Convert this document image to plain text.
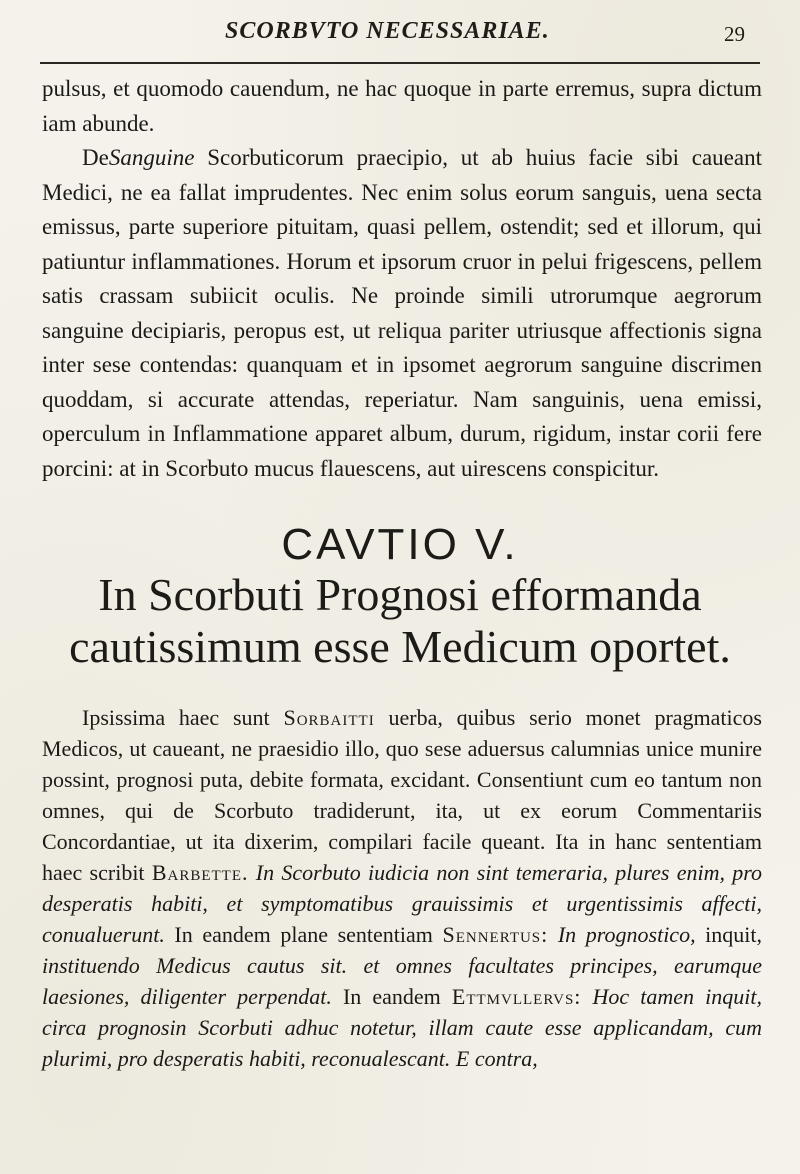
SCORBVTO NECESSARIAE.	29

pulsus, et quomodo cauendum, ne hac quoque in parte erremus, supra dictum iam abunde.

DeSanguine Scorbuticorum praecipio, ut ab huius facie sibi caueant Medici, ne ea fallat imprudentes. Nec enim solus eorum sanguis, uena secta emissus, parte superiore pituitam, quasi pellem, ostendit; sed et illorum, qui patiuntur inflammationes. Horum et ipsorum cruor in pelui frigescens, pellem satis crassam subiicit oculis. Ne proinde simili utrorumque aegrorum sanguine decipiaris, peropus est, ut reliqua pariter utriusque affectionis signa inter sese contendas: quanquam et in ipsomet aegrorum sanguine discrimen quoddam, si accurate attendas, reperiatur. Nam sanguinis, uena emissi, operculum in Inflammatione apparet album, durum, rigidum, instar corii fere porcini: at in Scorbuto mucus flauescens, aut uirescens conspicitur.

CAVTIO V.
In Scorbuti Prognosi efformanda
cautissimum esse Medicum oportet.

Ipsissima haec sunt Sorbaitti uerba, quibus serio monet pragmaticos Medicos, ut caueant, ne praesidio illo, quo sese aduersus calumnias unice munire possint, prognosi puta, debite formata, excidant. Consentiunt cum eo tantum non omnes, qui de Scorbuto tradiderunt, ita, ut ex eorum Commentariis Concordantiae, ut ita dixerim, compilari facile queant. Ita in hanc sententiam haec scribit Barbette. In Scorbuto iudicia non sint temeraria, plures enim, pro desperatis habiti, et symptomatibus grauissimis et urgentissimis affecti, conualuerunt. In eandem plane sententiam Sennertus: In prognostico, inquit, instituendo Medicus cautus sit. et omnes facultates principes, earumque laesiones, diligenter perpendat. In eandem Ettmvllervs: Hoc tamen inquit, circa prognosin Scorbuti adhuc notetur, illam caute esse applicandam, cum plurimi, pro desperatis habiti, reconualescant. E contra,
